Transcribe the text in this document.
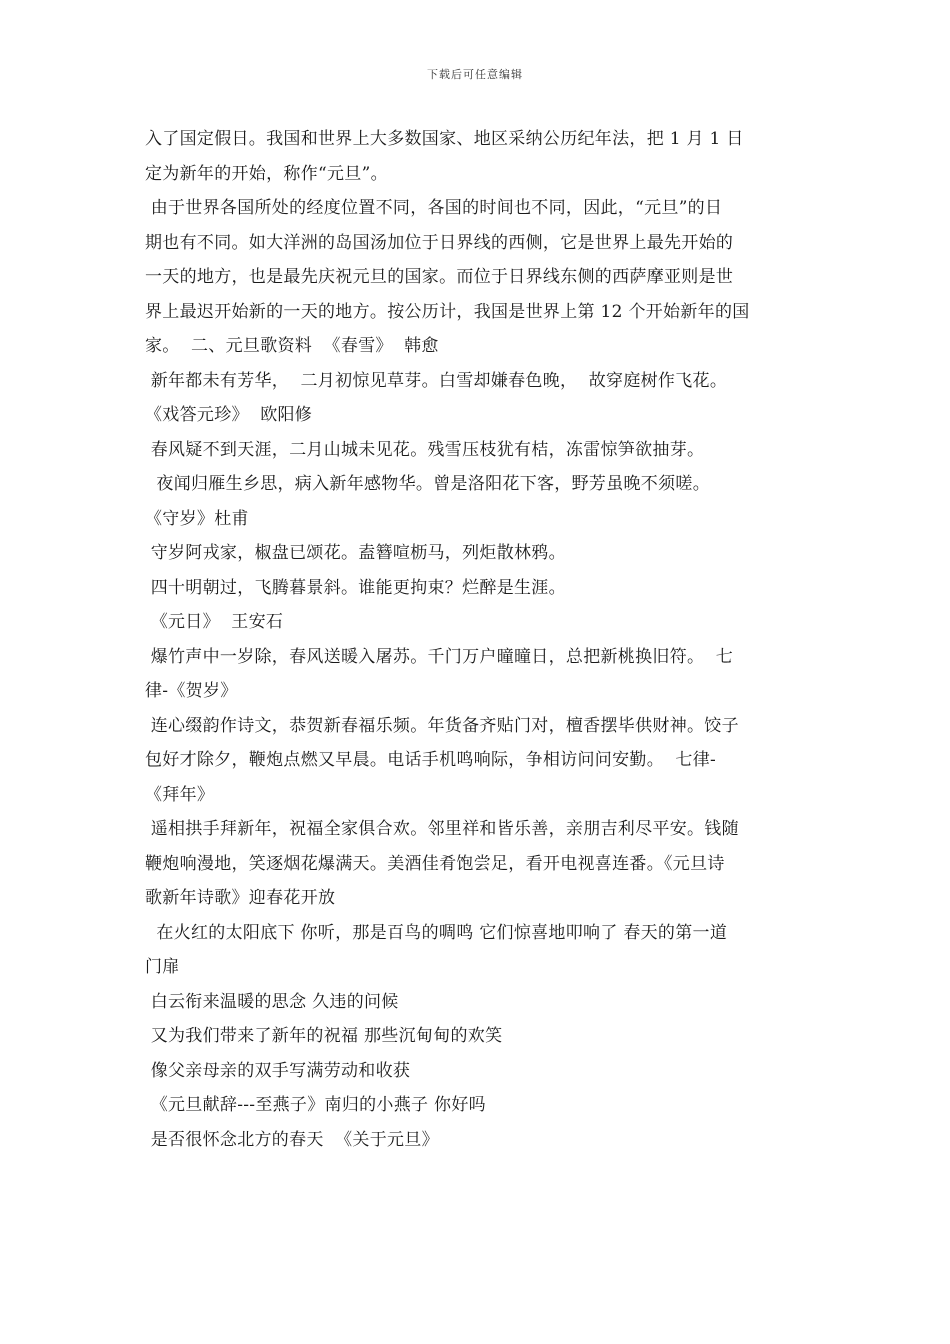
下载后可任意编辑
入了国定假日。我国和世界上大多数国家、地区采纳公历纪年法，把 1 月 1 日
定为新年的开始，称作“元旦”。
由于世界各国所处的经度位置不同，各国的时间也不同，因此，“元旦”的日
期也有不同。如大洋洲的岛国汤加位于日界线的西侧，它是世界上最先开始的
一天的地方，也是最先庆祝元旦的国家。而位于日界线东侧的西萨摩亚则是世
界上最迟开始新的一天的地方。按公历计，我国是世界上第 12 个开始新年的国
家。  二、元旦歌资料  《春雪》  韩愈
新年都未有芳华，  二月初惊见草芽。白雪却嫌春色晚，  故穿庭树作飞花。
《戏答元珍》  欧阳修
春风疑不到天涯，二月山城未见花。残雪压枝犹有桔，冻雷惊笋欲抽芽。
夜闻归雁生乡思，病入新年感物华。曾是洛阳花下客，野芳虽晚不须嗟。
《守岁》杜甫
守岁阿戎家，椒盘已颂花。盍簪喧枥马，列炬散林鸦。
四十明朝过，飞腾暮景斜。谁能更拘束？烂醉是生涯。
《元日》  王安石
爆竹声中一岁除，春风送暖入屠苏。千门万户曈曈日，总把新桃换旧符。  七
律-《贺岁》
连心缀韵作诗文，恭贺新春福乐频。年货备齐贴门对，檀香摆毕供财神。饺子
包好才除夕，鞭炮点燃又早晨。电话手机鸣响际，争相访问问安勤。  七律-
《拜年》
遥相拱手拜新年，祝福全家俱合欢。邻里祥和皆乐善，亲朋吉利尽平安。钱随
鞭炮响漫地，笑逐烟花爆满天。美酒佳肴饱尝足，看开电视喜连番。《元旦诗
歌新年诗歌》迎春花开放
在火红的太阳底下 你听，那是百鸟的啁鸣 它们惊喜地叩响了 春天的第一道
门扉
白云衔来温暖的思念 久违的问候
又为我们带来了新年的祝福 那些沉甸甸的欢笑
像父亲母亲的双手写满劳动和收获
《元旦献辞---至燕子》南归的小燕子 你好吗
是否很怀念北方的春天  《关于元旦》
